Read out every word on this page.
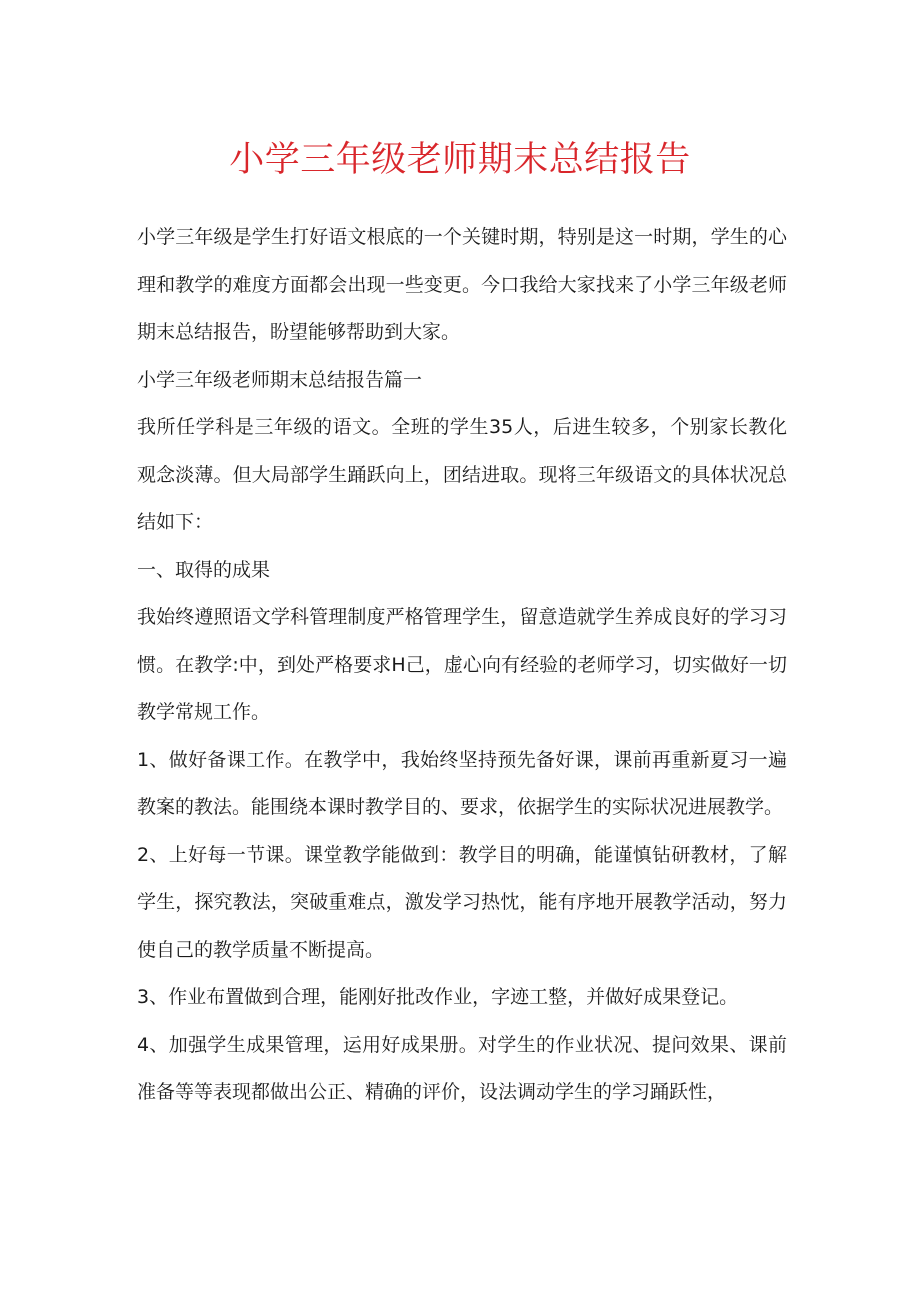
小学三年级老师期末总结报告

小学三年级是学生打好语文根底的一个关键时期，特别是这一时期，学生的心理和教学的难度方面都会出现一些变更。今口我给大家找来了小学三年级老师期末总结报告，盼望能够帮助到大家。

小学三年级老师期末总结报告篇一

我所任学科是三年级的语文。全班的学生35人，后进生较多，个别家长教化观念淡薄。但大局部学生踊跃向上，团结进取。现将三年级语文的具体状况总结如下：

一、取得的成果

我始终遵照语文学科管理制度严格管理学生，留意造就学生养成良好的学习习惯。在教学:中，到处严格要求H己，虚心向有经验的老师学习，切实做好一切教学常规工作。

1、做好备课工作。在教学中，我始终坚持预先备好课，课前再重新夏习一遍教案的教法。能围绕本课时教学目的、要求，依据学生的实际状况进展教学。

2、上好每一节课。课堂教学能做到：教学目的明确，能谨慎钻研教材，了解学生，探究教法，突破重难点，激发学习热忱，能有序地开展教学活动，努力使自己的教学质量不断提高。

3、作业布置做到合理，能刚好批改作业，字迹工整，并做好成果登记。

4、加强学生成果管理，运用好成果册。对学生的作业状况、提问效果、课前准备等等表现都做出公正、精确的评价，设法调动学生的学习踊跃性，
